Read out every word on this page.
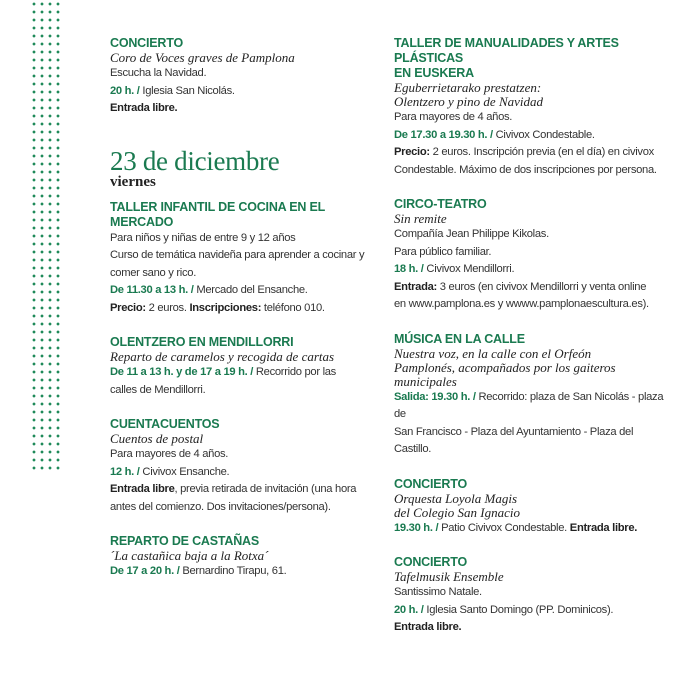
CONCIERTO
Coro de Voces graves de Pamplona
Escucha la Navidad.
20 h. / Iglesia San Nicolás.
Entrada libre.
23 de diciembre
viernes
TALLER INFANTIL DE COCINA EN EL MERCADO
Para niños y niñas de entre 9 y 12 años
Curso de temática navideña para aprender a cocinar y
comer sano y rico.
De 11.30 a 13 h. / Mercado del Ensanche.
Precio: 2 euros. Inscripciones: teléfono 010.
OLENTZERO EN MENDILLORRI
Reparto de caramelos y recogida de cartas
De 11 a 13 h. y de 17 a 19 h. / Recorrido por las
calles de Mendillorri.
CUENTACUENTOS
Cuentos de postal
Para mayores de 4 años.
12 h. / Civivox Ensanche.
Entrada libre, previa retirada de invitación (una hora
antes del comienzo. Dos invitaciones/persona).
REPARTO DE CASTAÑAS
´La castañica baja a la Rotxa´
De 17 a 20 h. / Bernardino Tirapu, 61.
TALLER DE MANUALIDADES Y ARTES PLÁSTICAS
EN EUSKERA
Eguberrietarako prestatzen:
Olentzero y pino de Navidad
Para mayores de 4 años.
De 17.30 a 19.30 h. / Civivox Condestable.
Precio: 2 euros. Inscripción previa (en el día) en civivox
Condestable. Máximo de dos inscripciones por persona.
CIRCO-TEATRO
Sin remite
Compañía Jean Philippe Kikolas.
Para público familiar.
18 h. / Civivox Mendillorri.
Entrada: 3 euros (en civivox Mendillorri y venta online
en www.pamplona.es y wwww.pamplonaescultura.es).
MÚSICA EN LA CALLE
Nuestra voz, en la calle con el Orfeón
Pamplonés, acompañados por los gaiteros
municipales
Salida: 19.30 h. / Recorrido: plaza de San Nicolás - plaza de
San Francisco - Plaza del Ayuntamiento - Plaza del Castillo.
CONCIERTO
Orquesta Loyola Magis
del Colegio San Ignacio
19.30 h. / Patio Civivox Condestable. Entrada libre.
CONCIERTO
Tafelmusik Ensemble
Santissimo Natale.
20 h. / Iglesia Santo Domingo (PP. Dominicos).
Entrada libre.
